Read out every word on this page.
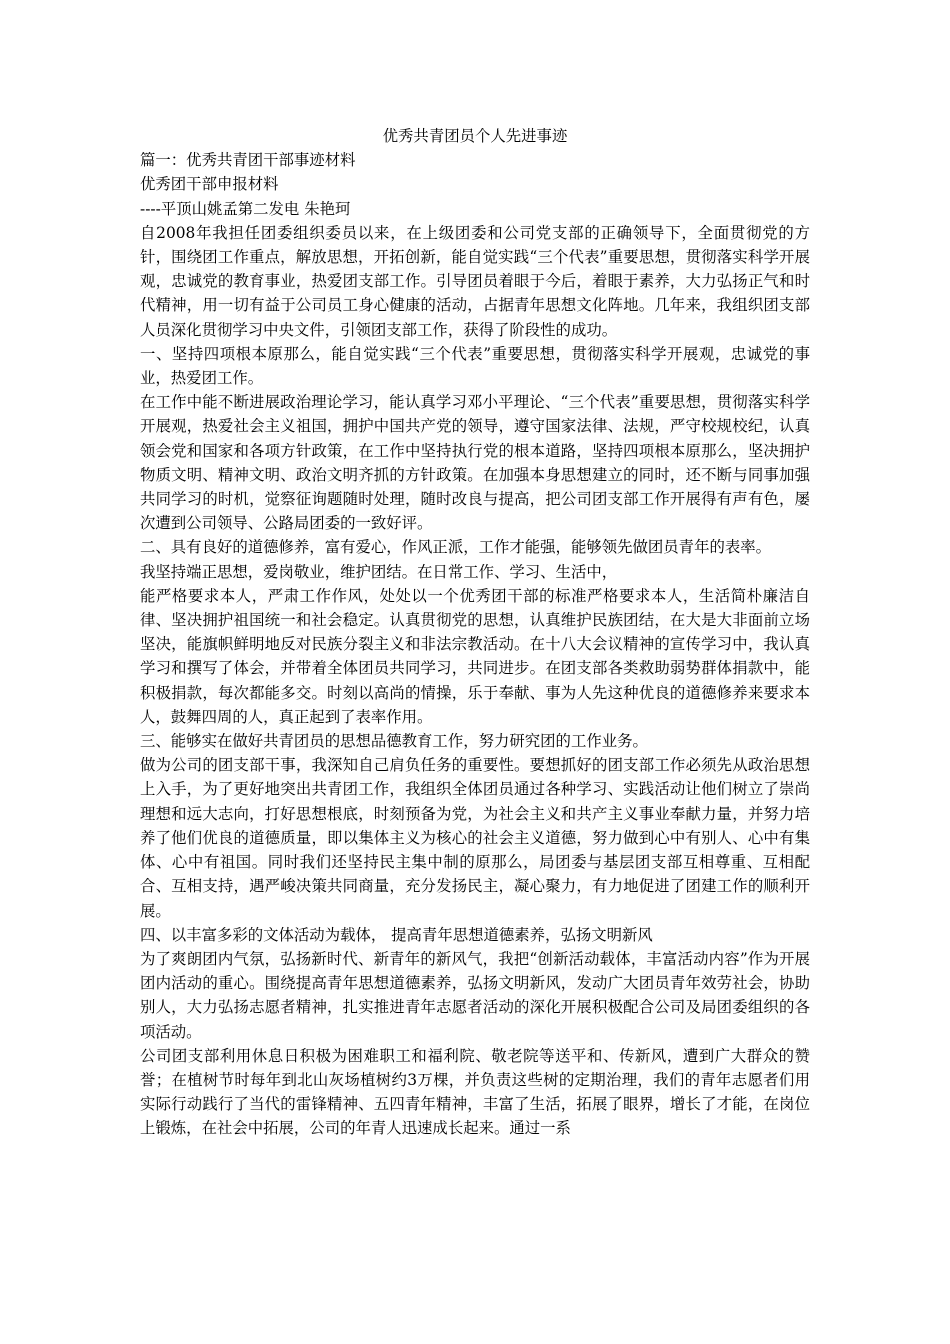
优秀共青团员个人先进事迹

篇一：优秀共青团干部事迹材料

优秀团干部申报材料

----平顶山姚孟第二发电 朱艳珂

自2008年我担任团委组织委员以来，在上级团委和公司党支部的正确领导下，全面贯彻党的方针，围绕团工作重点，解放思想，开拓创新，能自觉实践“三个代表”重要思想，贯彻落实科学开展观，忠诚党的教育事业，热爱团支部工作。引导团员着眼于今后，着眼于素养，大力弘扬正气和时代精神，用一切有益于公司员工身心健康的活动，占据青年思想文化阵地。几年来，我组织团支部人员深化贯彻学习中央文件，引领团支部工作，获得了阶段性的成功。

一、坚持四项根本原那么，能自觉实践“三个代表”重要思想，贯彻落实科学开展观，忠诚党的事业，热爱团工作。

在工作中能不断进展政治理论学习，能认真学习邓小平理论、“三个代表”重要思想，贯彻落实科学开展观，热爱社会主义祖国，拥护中国共产党的领导，遵守国家法律、法规，严守校规校纪，认真领会党和国家和各项方针政策，在工作中坚持执行党的根本道路，坚持四项根本原那么，坚决拥护物质文明、精神文明、政治文明齐抓的方针政策。在加强本身思想建立的同时，还不断与同事加强共同学习的时机，觉察征询题随时处理，随时改良与提高，把公司团支部工作开展得有声有色，屡次遭到公司领导、公路局团委的一致好评。

二、具有良好的道德修养，富有爱心，作风正派，工作才能强，能够领先做团员青年的表率。

我坚持端正思想，爱岗敬业，维护团结。在日常工作、学习、生活中，

能严格要求本人，严肃工作作风，处处以一个优秀团干部的标准严格要求本人，生活简朴廉洁自律、坚决拥护祖国统一和社会稳定。认真贯彻党的思想，认真维护民族团结，在大是大非面前立场坚决，能旗帜鲜明地反对民族分裂主义和非法宗教活动。在十八大会议精神的宣传学习中，我认真学习和撰写了体会，并带着全体团员共同学习，共同进步。在团支部各类救助弱势群体捐款中，能积极捐款，每次都能多交。时刻以高尚的情操，乐于奉献、事为人先这种优良的道德修养来要求本人，鼓舞四周的人，真正起到了表率作用。

三、能够实在做好共青团员的思想品德教育工作，努力研究团的工作业务。

做为公司的团支部干事，我深知自己肩负任务的重要性。要想抓好的团支部工作必须先从政治思想上入手，为了更好地突出共青团工作，我组织全体团员通过各种学习、实践活动让他们树立了崇尚理想和远大志向，打好思想根底，时刻预备为党，为社会主义和共产主义事业奉献力量，并努力培养了他们优良的道德质量，即以集体主义为核心的社会主义道德，努力做到心中有别人、心中有集体、心中有祖国。同时我们还坚持民主集中制的原那么，局团委与基层团支部互相尊重、互相配合、互相支持，遇严峻决策共同商量，充分发扬民主，凝心聚力，有力地促进了团建工作的顺利开展。

四、以丰富多彩的文体活动为载体， 提高青年思想道德素养，弘扬文明新风

为了爽朗团内气氛，弘扬新时代、新青年的新风气，我把“创新活动载体，丰富活动内容”作为开展团内活动的重心。围绕提高青年思想道德素养，弘扬文明新风，发动广大团员青年效劳社会，协助别人，大力弘扬志愿者精神，扎实推进青年志愿者活动的深化开展积极配合公司及局团委组织的各项活动。

公司团支部利用休息日积极为困难职工和福利院、敬老院等送平和、传新风，遭到广大群众的赞誉；在植树节时每年到北山灰场植树约3万棵，并负责这些树的定期治理，我们的青年志愿者们用实际行动践行了当代的雷锋精神、五四青年精神，丰富了生活，拓展了眼界，增长了才能，在岗位上锻炼，在社会中拓展，公司的年青人迅速成长起来。通过一系
